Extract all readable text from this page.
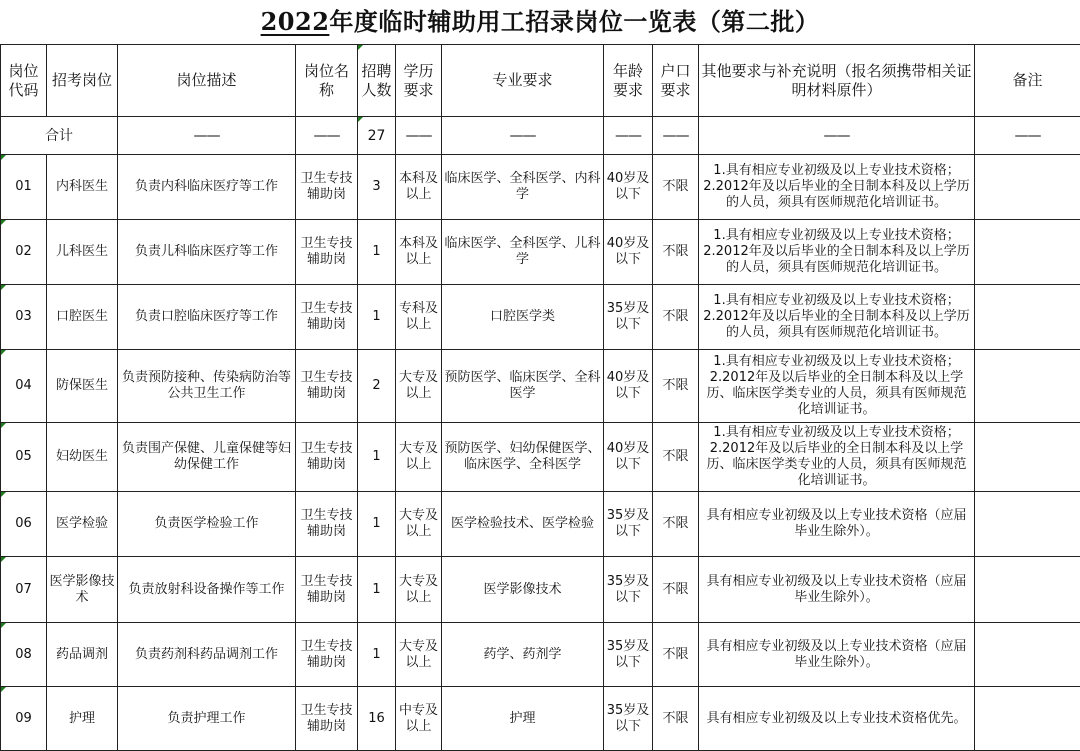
2022年度临时辅助用工招录岗位一览表（第二批）
岗位代码	招考岗位	岗位描述	岗位名称	招聘人数	学历要求	专业要求	年龄要求	户口要求	其他要求与补充说明（报名须携带相关证明材料原件）	备注
合计		——	——	27	——	——	——	——	——	——
01	内科医生	负责内科临床医疗等工作	卫生专技辅助岗	3	本科及以上	临床医学、全科医学、内科学	40岁及以下	不限	1.具有相应专业初级及以上专业技术资格；2.2012年及以后毕业的全日制本科及以上学历的人员，须具有医师规范化培训证书。	
02	儿科医生	负责儿科临床医疗等工作	卫生专技辅助岗	1	本科及以上	临床医学、全科医学、儿科学	40岁及以下	不限	1.具有相应专业初级及以上专业技术资格；2.2012年及以后毕业的全日制本科及以上学历的人员，须具有医师规范化培训证书。	
03	口腔医生	负责口腔临床医疗等工作	卫生专技辅助岗	1	专科及以上	口腔医学类	35岁及以下	不限	1.具有相应专业初级及以上专业技术资格；2.2012年及以后毕业的全日制本科及以上学历的人员，须具有医师规范化培训证书。	
04	防保医生	负责预防接种、传染病防治等公共卫生工作	卫生专技辅助岗	2	大专及以上	预防医学、临床医学、全科医学	40岁及以下	不限	1.具有相应专业初级及以上专业技术资格；2.2012年及以后毕业的全日制本科及以上学历、临床医学类专业的人员，须具有医师规范化培训证书。	
05	妇幼医生	负责围产保健、儿童保健等妇幼保健工作	卫生专技辅助岗	1	大专及以上	预防医学、妇幼保健医学、临床医学、全科医学	40岁及以下	不限	1.具有相应专业初级及以上专业技术资格；2.2012年及以后毕业的全日制本科及以上学历、临床医学类专业的人员，须具有医师规范化培训证书。	
06	医学检验	负责医学检验工作	卫生专技辅助岗	1	大专及以上	医学检验技术、医学检验	35岁及以下	不限	具有相应专业初级及以上专业技术资格（应届毕业生除外）。	
07	医学影像技术	负责放射科设备操作等工作	卫生专技辅助岗	1	大专及以上	医学影像技术	35岁及以下	不限	具有相应专业初级及以上专业技术资格（应届毕业生除外）。	
08	药品调剂	负责药剂科药品调剂工作	卫生专技辅助岗	1	大专及以上	药学、药剂学	35岁及以下	不限	具有相应专业初级及以上专业技术资格（应届毕业生除外）。	
09	护理	负责护理工作	卫生专技辅助岗	16	中专及以上	护理	35岁及以下	不限	具有相应专业初级及以上专业技术资格优先。	
